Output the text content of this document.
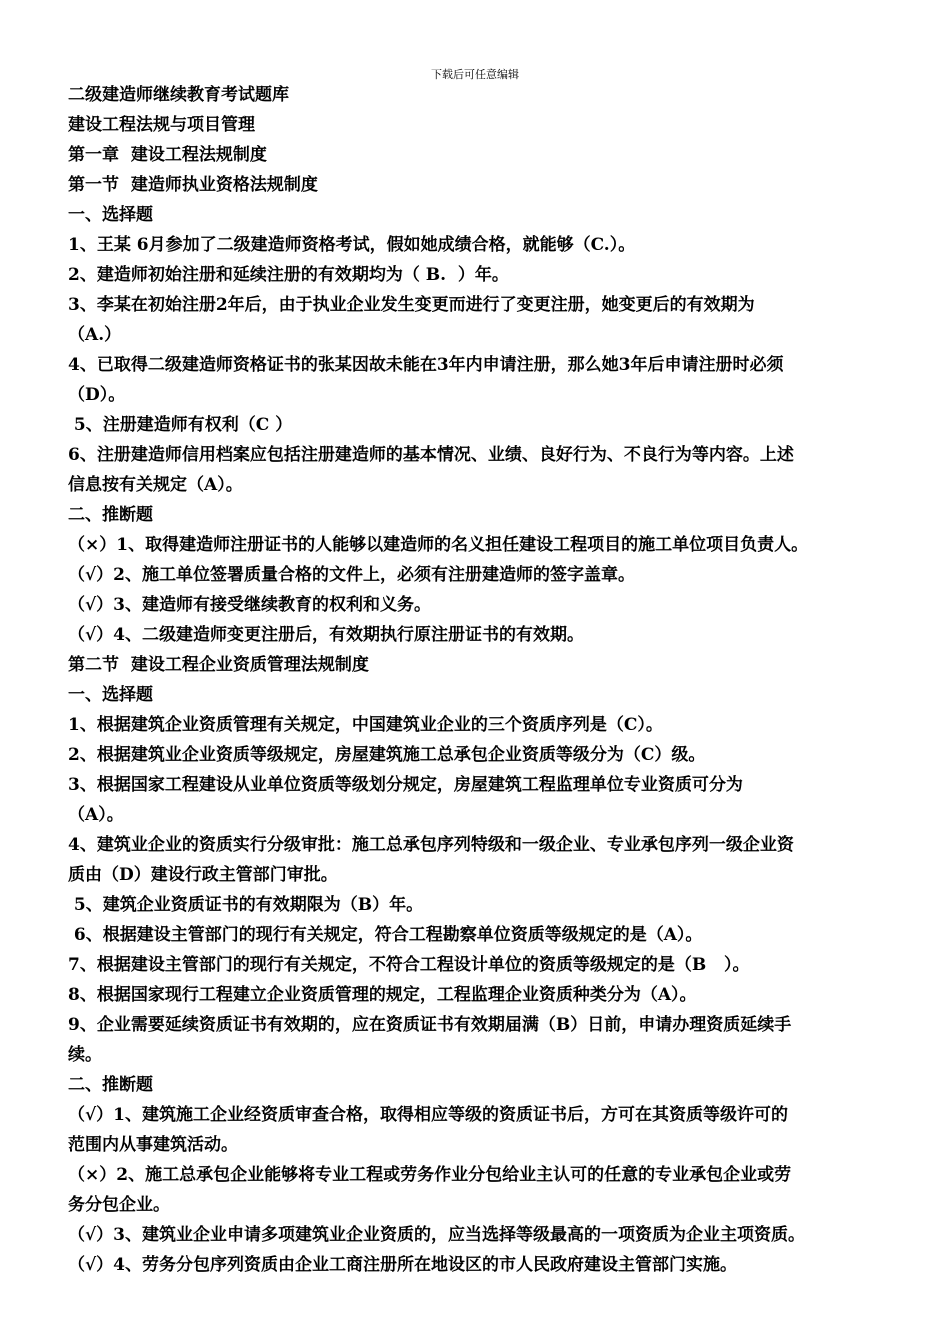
下载后可任意编辑
二级建造师继续教育考试题库
建设工程法规与项目管理
第一章  建设工程法规制度
第一节  建造师执业资格法规制度
一、选择题
1、王某 6月参加了二级建造师资格考试，假如她成绩合格，就能够（C.）。
2、建造师初始注册和延续注册的有效期均为（ B.  ）年。
3、李某在初始注册2年后，由于执业企业发生变更而进行了变更注册，她变更后的有效期为
（A.）
4、已取得二级建造师资格证书的张某因故未能在3年内申请注册，那么她3年后申请注册时必须
（D）。
5、注册建造师有权利（C ）
6、注册建造师信用档案应包括注册建造师的基本情况、业绩、良好行为、不良行为等内容。上述
信息按有关规定（A）。
二、推断题
（×）1、取得建造师注册证书的人能够以建造师的名义担任建设工程项目的施工单位项目负责人。
（√）2、施工单位签署质量合格的文件上，必须有注册建造师的签字盖章。
（√）3、建造师有接受继续教育的权利和义务。
（√）4、二级建造师变更注册后，有效期执行原注册证书的有效期。
第二节  建设工程企业资质管理法规制度
一、选择题
1、根据建筑企业资质管理有关规定，中国建筑业企业的三个资质序列是（C）。
2、根据建筑业企业资质等级规定，房屋建筑施工总承包企业资质等级分为（C）级。
3、根据国家工程建设从业单位资质等级划分规定，房屋建筑工程监理单位专业资质可分为
（A）。
4、建筑业企业的资质实行分级审批：施工总承包序列特级和一级企业、专业承包序列一级企业资
质由（D）建设行政主管部门审批。
5、建筑企业资质证书的有效期限为（B）年。
6、根据建设主管部门的现行有关规定，符合工程勘察单位资质等级规定的是（A）。
7、根据建设主管部门的现行有关规定，不符合工程设计单位的资质等级规定的是（B   ）。
8、根据国家现行工程建立企业资质管理的规定，工程监理企业资质种类分为（A）。
9、企业需要延续资质证书有效期的，应在资质证书有效期届满（B）日前，申请办理资质延续手
续。
二、推断题
（√）1、建筑施工企业经资质审查合格，取得相应等级的资质证书后，方可在其资质等级许可的
范围内从事建筑活动。
（×）2、施工总承包企业能够将专业工程或劳务作业分包给业主认可的任意的专业承包企业或劳
务分包企业。
（√）3、建筑业企业申请多项建筑业企业资质的，应当选择等级最高的一项资质为企业主项资质。
（√）4、劳务分包序列资质由企业工商注册所在地设区的市人民政府建设主管部门实施。
